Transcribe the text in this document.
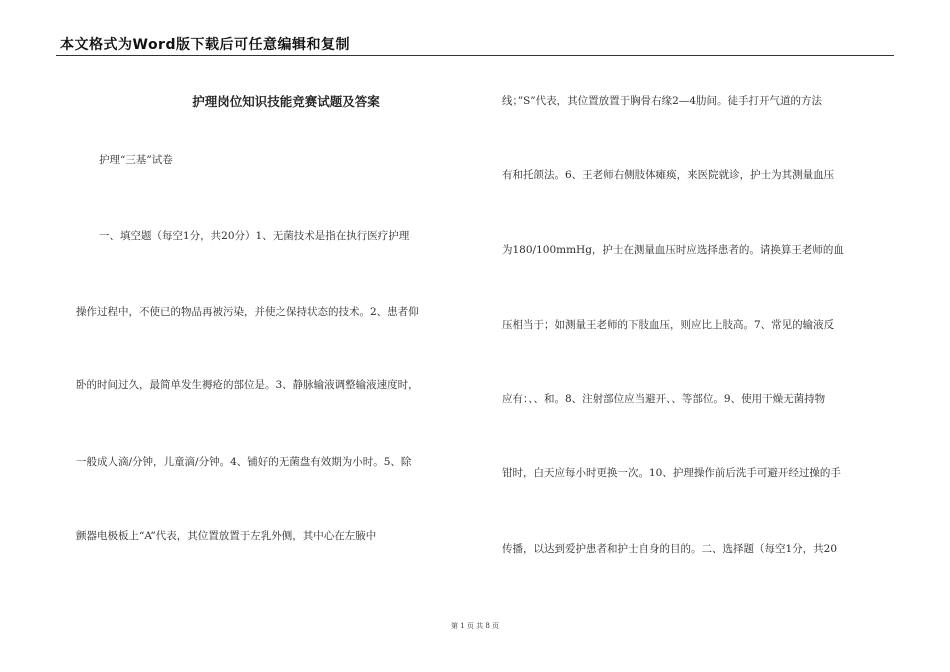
本文格式为Word版下载后可任意编辑和复制
护理岗位知识技能竞赛试题及答案
护理“三基”试卷
一、填空题（每空1分，共20分）1、无菌技术是指在执行医疗护理
操作过程中，不使已的物品再被污染，并使之保持状态的技术。2、患者仰
卧的时间过久，最简单发生褥疮的部位是。3、静脉输液调整输液速度时，
一般成人滴/分钟，儿童滴/分钟。4、铺好的无菌盘有效期为小时。5、除
颤器电极板上“A”代表，其位置放置于左乳外侧，其中心在左腋中
线；”S”代表，其位置放置于胸骨右缘2—4肋间。徒手打开气道的方法
有和托颌法。6、王老师右侧肢体瘫痪，来医院就诊，护士为其测量血压
为180/100mmHg，护士在测量血压时应选择患者的。请换算王老师的血
压相当于；如测量王老师的下肢血压，则应比上肢高。7、常见的输液反
应有：、、和。8、注射部位应当避开、、等部位。9、使用干燥无菌持物
钳时，白天应每小时更换一次。10、护理操作前后洗手可避开经过操的手
传播，以达到爱护患者和护士自身的目的。二、选择题（每空1分，共20
第 1 页 共 8 页
